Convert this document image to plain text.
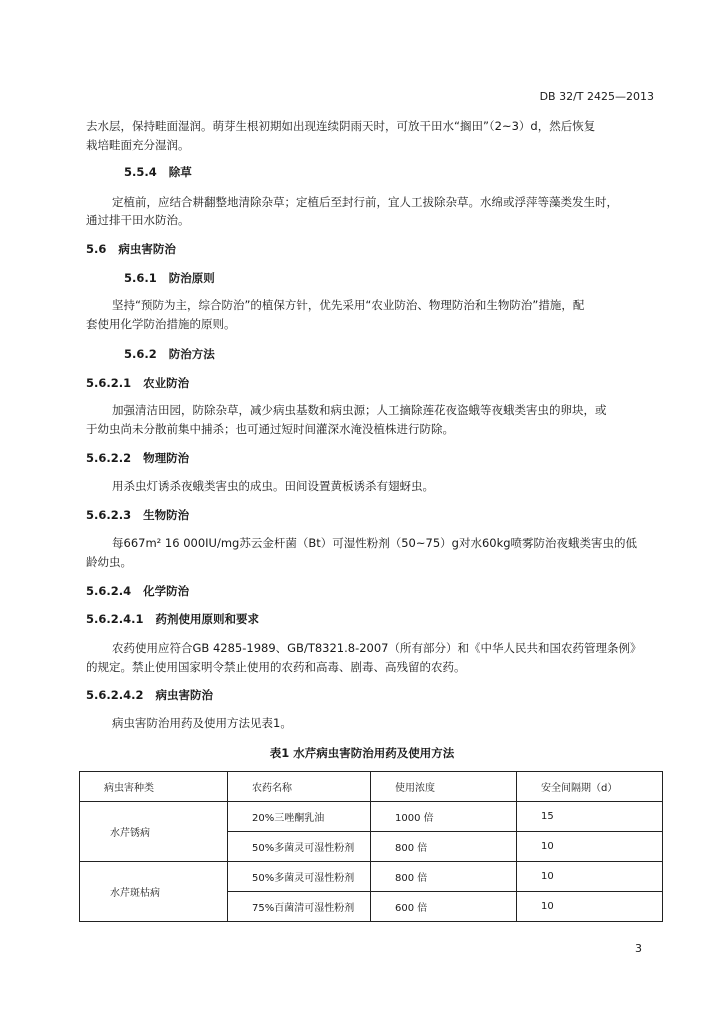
DB 32/T 2425—2013
去水层，保持畦面湿润。萌芽生根初期如出现连续阴雨天时，可放干田水“搁田”（2~3）d，然后恢复
栽培畦面充分湿润。
5.5.4 除草
定植前，应结合耕翻整地清除杂草；定植后至封行前，宜人工拔除杂草。水绵或浮萍等藻类发生时，
通过排干田水防治。
5.6 病虫害防治
5.6.1 防治原则
坚持“预防为主，综合防治”的植保方针，优先采用“农业防治、物理防治和生物防治”措施，配
套使用化学防治措施的原则。
5.6.2 防治方法
5.6.2.1 农业防治
加强清洁田园，防除杂草，减少病虫基数和病虫源；人工摘除莲花夜盗蛾等夜蛾类害虫的卵块，或
于幼虫尚未分散前集中捕杀；也可通过短时间灌深水淹没植株进行防除。
5.6.2.2 物理防治
用杀虫灯诱杀夜蛾类害虫的成虫。田间设置黄板诱杀有翅蚜虫。
5.6.2.3 生物防治
每667m² 16 000IU/mg苏云金杆菌（Bt）可湿性粉剂（50~75）g对水60kg喷雾防治夜蛾类害虫的低
龄幼虫。
5.6.2.4 化学防治
5.6.2.4.1 药剂使用原则和要求
农药使用应符合GB 4285-1989、GB/T8321.8-2007（所有部分）和《中华人民共和国农药管理条例》
的规定。禁止使用国家明令禁止使用的农药和高毒、剧毒、高残留的农药。
5.6.2.4.2 病虫害防治
病虫害防治用药及使用方法见表1。
表1 水芹病虫害防治用药及使用方法
病虫害种类	农药名称	使用浓度	安全间隔期（d）
水芹锈病	20%三唑酮乳油	1000 倍	15
	50%多菌灵可湿性粉剂	800 倍	10
水芹斑枯病	50%多菌灵可湿性粉剂	800 倍	10
	75%百菌清可湿性粉剂	600 倍	10
3
